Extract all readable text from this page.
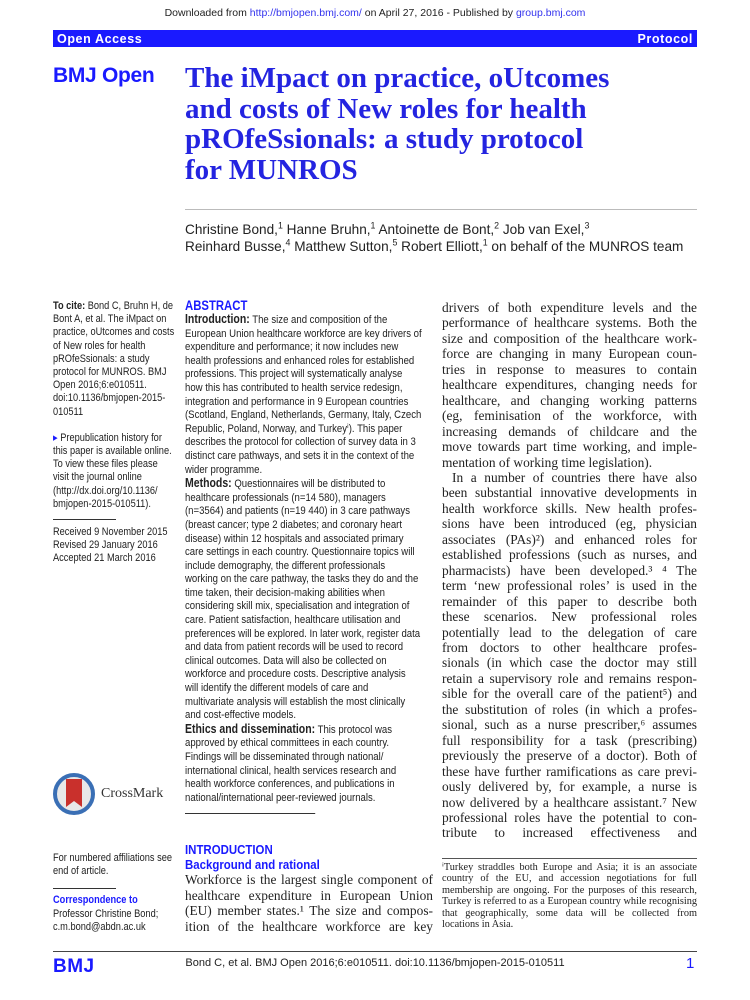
Downloaded from http://bmjopen.bmj.com/ on April 27, 2016 - Published by group.bmj.com
Open Access	Protocol
BMJ Open The iMpact on practice, oUtcomes
and costs of New roles for health
pROfeSsionals: a study protocol
for MUNROS
Christine Bond,$^1$ Hanne Bruhn,$^1$ Antoinette de Bont,$^2$ Job van Exel,$^3$
Reinhard Busse,$^4$ Matthew Sutton,$^5$ Robert Elliott,$^1$ on behalf of the MUNROS team
To cite: Bond C, Bruhn H, de
Bont A, et al. The iMpact on
practice, oUtcomes and costs
of New roles for health
pROfeSsionals: a study
protocol for MUNROS. BMJ
Open 2016;6:e010511.
doi:10.1136/bmjopen-2015-
010511
▸ Prepublication history for
this paper is available online.
To view these files please
visit the journal online
(http://dx.doi.org/10.1136/
bmjopen-2015-010511).
Received 9 November 2015
Revised 29 January 2016
Accepted 21 March 2016
CrossMark
For numbered affiliations see
end of article.
Correspondence to
Professor Christine Bond;
c.m.bond@abdn.ac.uk
ABSTRACT
Introduction: The size and composition of the
European Union healthcare workforce are key drivers of
expenditure and performance; it now includes new
health professions and enhanced roles for established
professions. This project will systematically analyse
how this has contributed to health service redesign,
integration and performance in 9 European countries
(Scotland, England, Netherlands, Germany, Italy, Czech
Republic, Poland, Norway, and Turkeyⁱ). This paper
describes the protocol for collection of survey data in 3
distinct care pathways, and sets it in the context of the
wider programme.
Methods: Questionnaires will be distributed to
healthcare professionals (n=14 580), managers
(n=3564) and patients (n=19 440) in 3 care pathways
(breast cancer; type 2 diabetes; and coronary heart
disease) within 12 hospitals and associated primary
care settings in each country. Questionnaire topics will
include demography, the different professionals
working on the care pathway, the tasks they do and the
time taken, their decision-making abilities when
considering skill mix, specialisation and integration of
care. Patient satisfaction, healthcare utilisation and
preferences will be explored. In later work, register data
and data from patient records will be used to record
clinical outcomes. Data will also be collected on
workforce and procedure costs. Descriptive analysis
will identify the different models of care and
multivariate analysis will establish the most clinically
and cost-effective models.
Ethics and dissemination: This protocol was
approved by ethical committees in each country.
Findings will be disseminated through national/
international clinical, health services research and
health workforce conferences, and publications in
national/international peer-reviewed journals.
INTRODUCTION
Background and rational
Workforce is the largest single component of
healthcare expenditure in European Union
(EU) member states.¹ The size and compos-
ition of the healthcare workforce are key
drivers of both expenditure levels and the
performance of healthcare systems. Both the
size and composition of the healthcare work-
force are changing in many European coun-
tries in response to measures to contain
healthcare expenditures, changing needs for
healthcare, and changing working patterns
(eg, feminisation of the workforce, with
increasing demands of childcare and the
move towards part time working, and imple-
mentation of working time legislation).
In a number of countries there have also
been substantial innovative developments in
health workforce skills. New health profes-
sions have been introduced (eg, physician
associates (PAs)²) and enhanced roles for
established professions (such as nurses, and
pharmacists) have been developed.³ ⁴ The
term ‘new professional roles’ is used in the
remainder of this paper to describe both
these scenarios. New professional roles
potentially lead to the delegation of care
from doctors to other healthcare profes-
sionals (in which case the doctor may still
retain a supervisory role and remains respon-
sible for the overall care of the patient⁵) and
the substitution of roles (in which a profes-
sional, such as a nurse prescriber,⁶ assumes
full responsibility for a task (prescribing)
previously the preserve of a doctor). Both of
these have further ramifications as care previ-
ously delivered by, for example, a nurse is
now delivered by a healthcare assistant.⁷ New
professional roles have the potential to con-
tribute to increased effectiveness and
ⁱTurkey straddles both Europe and Asia; it is an associate country of the EU, and accession negotiations for full membership are ongoing. For the purposes of this research, Turkey is referred to as a European country while recognising that geographically, some data will be collected from locations in Asia.
BMJ	Bond C, et al. BMJ Open 2016;6:e010511. doi:10.1136/bmjopen-2015-010511	1
